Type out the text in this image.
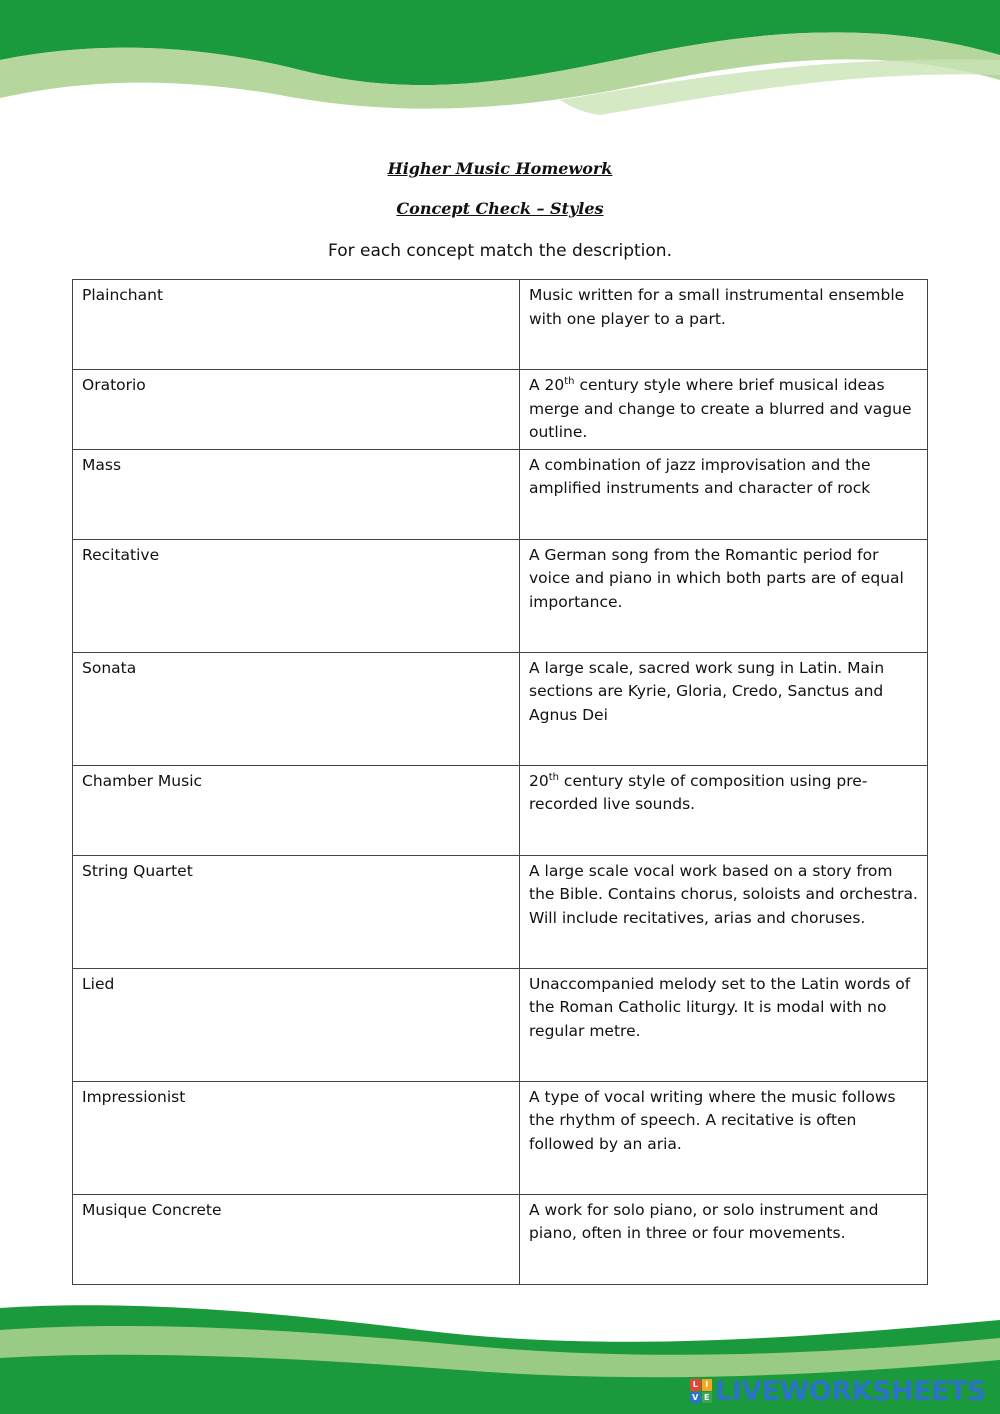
Higher Music Homework
Concept Check – Styles
For each concept match the description.
Plainchant	Music written for a small instrumental ensemble with one player to a part.
Oratorio	A 20th century style where brief musical ideas merge and change to create a blurred and vague outline.
Mass	A combination of jazz improvisation and the amplified instruments and character of rock
Recitative	A German song from the Romantic period for voice and piano in which both parts are of equal importance.
Sonata	A large scale, sacred work sung in Latin. Main sections are Kyrie, Gloria, Credo, Sanctus and Agnus Dei
Chamber Music	20th century style of composition using pre-recorded live sounds.
String Quartet	A large scale vocal work based on a story from the Bible. Contains chorus, soloists and orchestra. Will include recitatives, arias and choruses.
Lied	Unaccompanied melody set to the Latin words of the Roman Catholic liturgy. It is modal with no regular metre.
Impressionist	A type of vocal writing where the music follows the rhythm of speech. A recitative is often followed by an aria.
Musique Concrete	A work for solo piano, or solo instrument and piano, often in three or four movements.
L I
V E LIVEWORKSHEETS
